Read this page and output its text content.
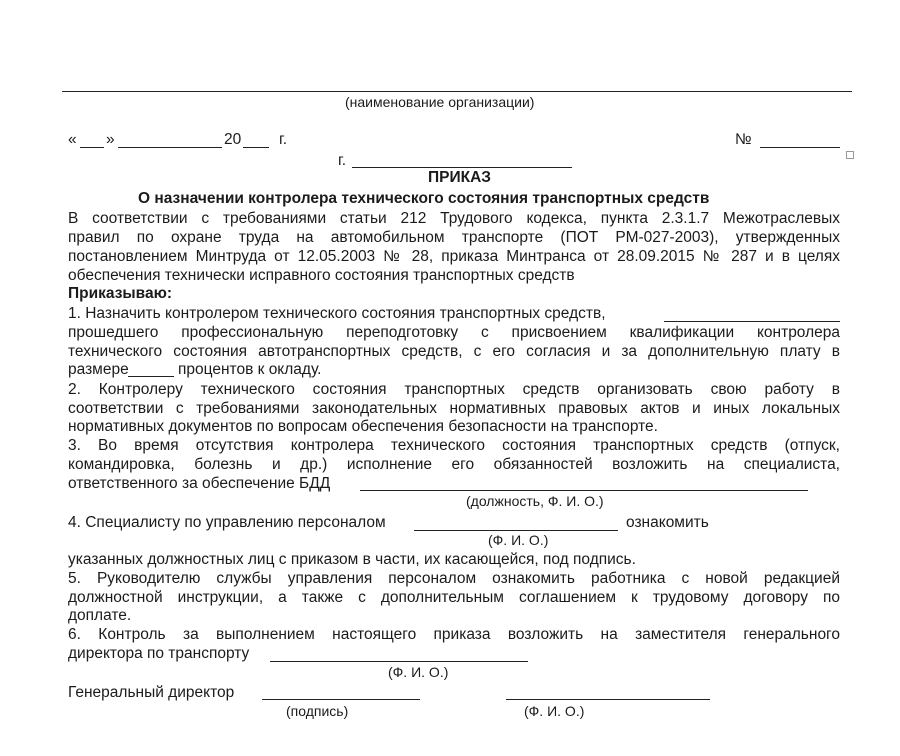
(наименование организации)
« »	20 г.	№
г.
ПРИКАЗ
О назначении контролера технического состояния транспортных средств
В соответствии с требованиями статьи 212 Трудового кодекса, пункта 2.3.1.7 Межотраслевых
правил по охране труда на автомобильном транспорте (ПОТ РМ-027-2003), утвержденных
постановлением Минтруда от 12.05.2003 № 28, приказа Минтранса от 28.09.2015 № 287 и в целях
обеспечения технически исправного состояния транспортных средств
Приказываю:
1. Назначить контролером технического состояния транспортных средств,
прошедшего профессиональную переподготовку с присвоением квалификации контролера
технического состояния автотранспортных средств, с его согласия и за дополнительную плату в
размере	процентов к окладу.
2. Контролеру технического состояния транспортных средств организовать свою работу в
соответствии с требованиями законодательных нормативных правовых актов и иных локальных
нормативных документов по вопросам обеспечения безопасности на транспорте.
3. Во время отсутствия контролера технического состояния транспортных средств (отпуск,
командировка, болезнь и др.) исполнение его обязанностей возложить на специалиста,
ответственного за обеспечение БДД
(должность, Ф. И. О.)
4. Специалисту по управлению персоналом	ознакомить
(Ф. И. О.)
указанных должностных лиц с приказом в части, их касающейся, под подпись.
5. Руководителю службы управления персоналом ознакомить работника с новой редакцией
должностной инструкции, а также с дополнительным соглашением к трудовому договору по
доплате.
6. Контроль за выполнением настоящего приказа возложить на заместителя генерального
директора по транспорту
(Ф. И. О.)
Генеральный директор
(подпись)	(Ф. И. О.)
